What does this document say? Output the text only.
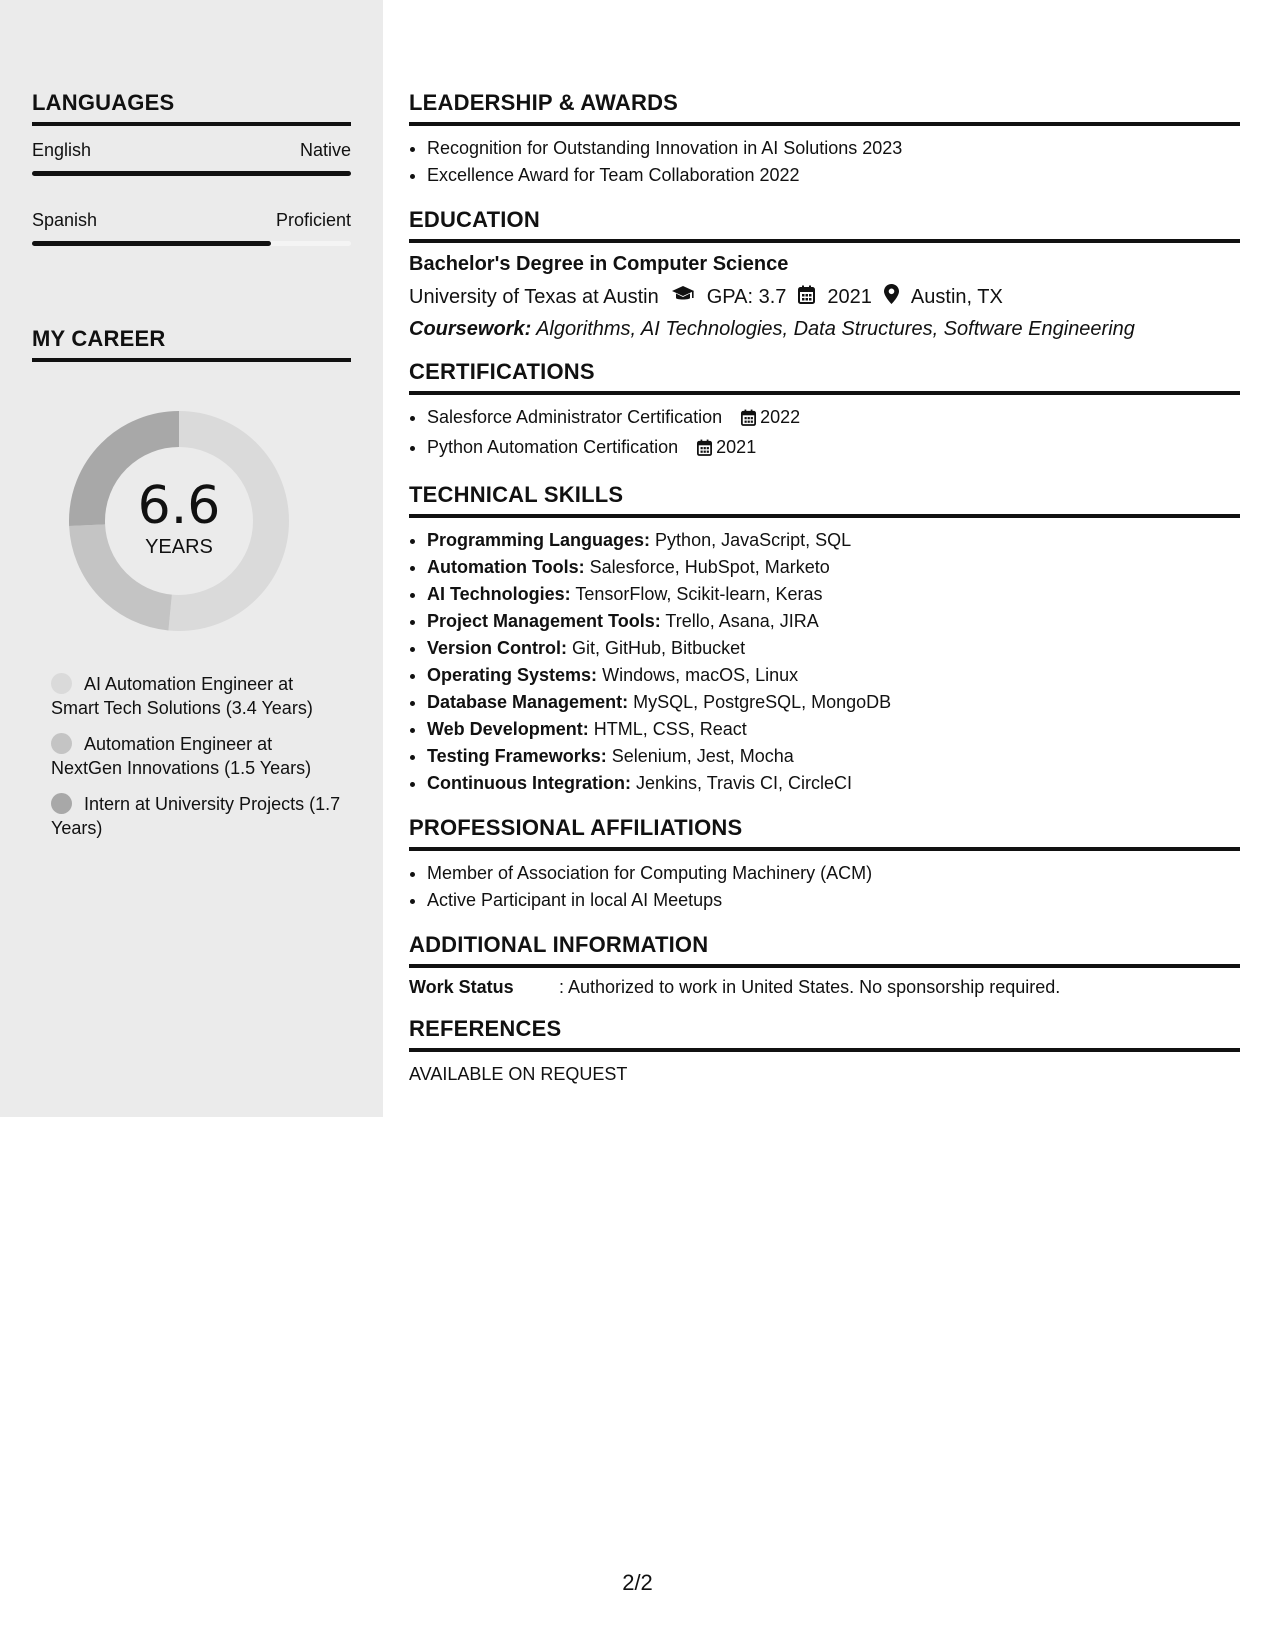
LANGUAGES
English	Native
Spanish	Proficient
MY CAREER
6.6
YEARS
AI Automation Engineer at Smart Tech Solutions (3.4 Years)
Automation Engineer at NextGen Innovations (1.5 Years)
Intern at University Projects (1.7 Years)
LEADERSHIP & AWARDS
• Recognition for Outstanding Innovation in AI Solutions 2023
• Excellence Award for Team Collaboration 2022
EDUCATION
Bachelor's Degree in Computer Science
University of Texas at Austin GPA: 3.7 2021 Austin, TX
Coursework: Algorithms, AI Technologies, Data Structures, Software Engineering
CERTIFICATIONS
• Salesforce Administrator Certification 2022
• Python Automation Certification 2021
TECHNICAL SKILLS
• Programming Languages: Python, JavaScript, SQL
• Automation Tools: Salesforce, HubSpot, Marketo
• AI Technologies: TensorFlow, Scikit-learn, Keras
• Project Management Tools: Trello, Asana, JIRA
• Version Control: Git, GitHub, Bitbucket
• Operating Systems: Windows, macOS, Linux
• Database Management: MySQL, PostgreSQL, MongoDB
• Web Development: HTML, CSS, React
• Testing Frameworks: Selenium, Jest, Mocha
• Continuous Integration: Jenkins, Travis CI, CircleCI
PROFESSIONAL AFFILIATIONS
• Member of Association for Computing Machinery (ACM)
• Active Participant in local AI Meetups
ADDITIONAL INFORMATION
Work Status	: Authorized to work in United States. No sponsorship required.
REFERENCES
AVAILABLE ON REQUEST
2/2
